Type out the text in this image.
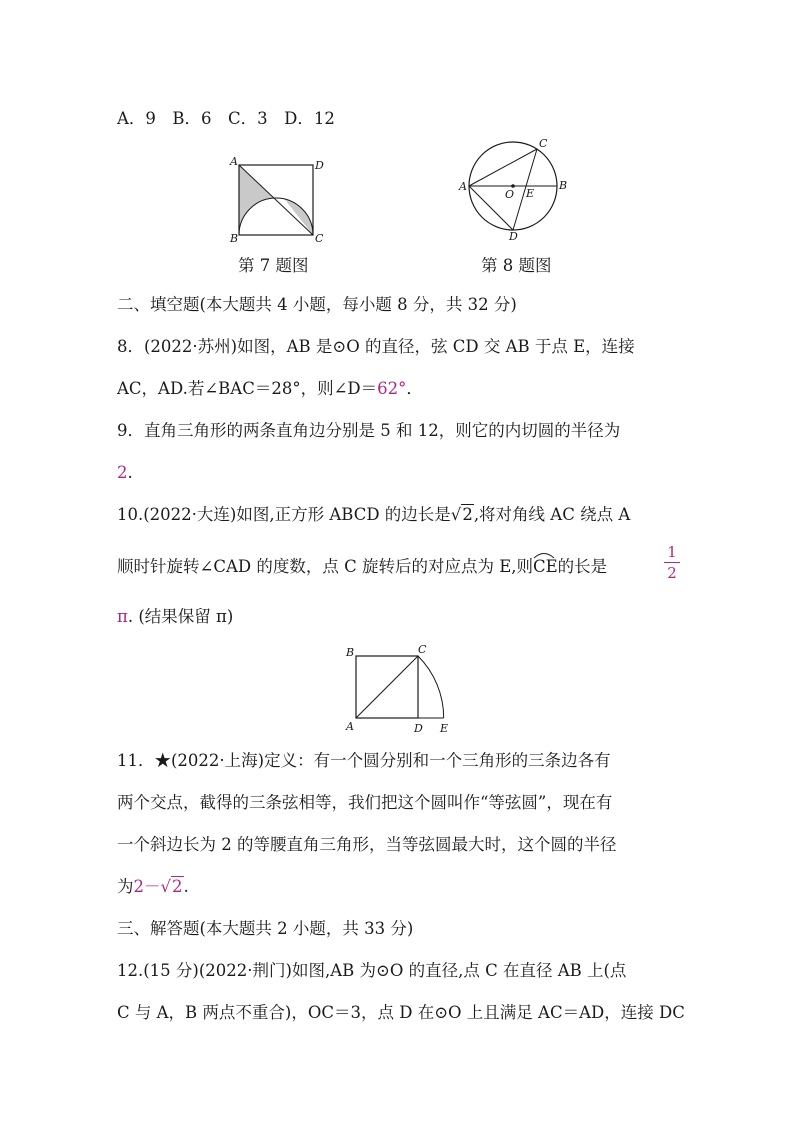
A．9　B．6　C．3　D．12
A
B	C
D
第 7 题图
A	B
C
D
E
O
第 8 题图
二、填空题(本大题共 4 小题，每小题 8 分，共 32 分)
8．(2022·苏州)如图，AB 是⊙O 的直径，弦 CD 交 AB 于点 E，连接
AC，AD.若∠BAC＝28°，则∠D＝62°．
9．直角三角形的两条直角边分别是 5 和 12，则它的内切圆的半径为
2.
10.(2022·大连)如图,正方形 ABCD 的边长是√2,将对角线 AC 绕点 A
顺时针旋转∠CAD 的度数，点 C 旋转后的对应点为 E,则
CE的长是
1
2
π. (结果保留 π)
B	C
A	D E
11．★(2022·上海)定义：有一个圆分别和一个三角形的三条边各有
两个交点，截得的三条弦相等，我们把这个圆叫作“等弦圆”，现在有
一个斜边长为 2 的等腰直角三角形，当等弦圆最大时，这个圆的半径
为2－√2.
三、解答题(本大题共 2 小题，共 33 分)
12.(15 分)(2022·荆门)如图,AB 为⊙O 的直径,点 C 在直径 AB 上(点
C 与 A，B 两点不重合)，OC＝3，点 D 在⊙O 上且满足 AC＝AD，连接 DC
